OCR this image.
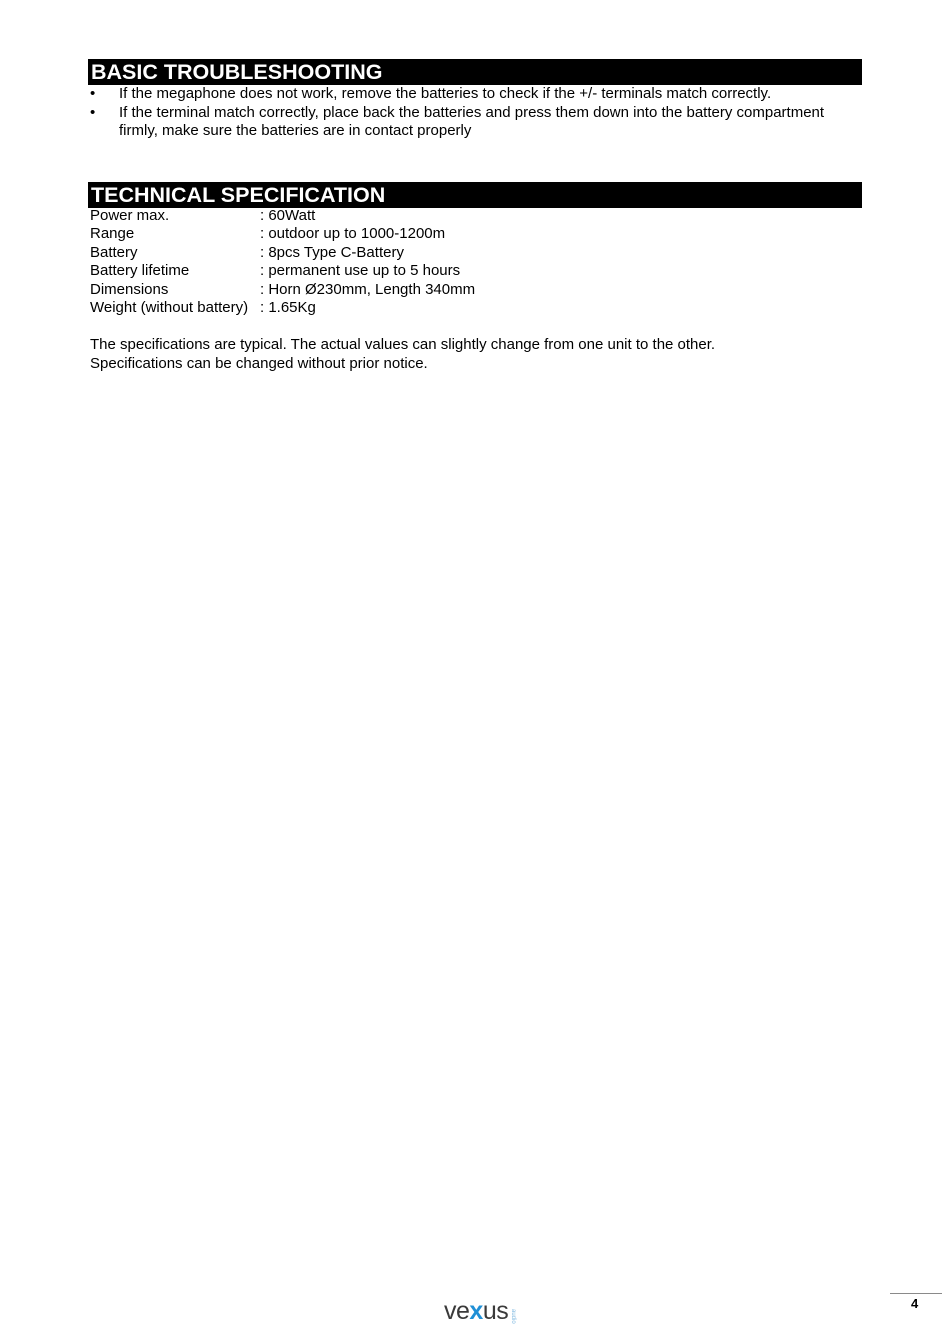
BASIC TROUBLESHOOTING
• If the megaphone does not work, remove the batteries to check if the +/- terminals match correctly.
• If the terminal match correctly, place back the batteries and press them down into the battery compartment firmly, make sure the batteries are in contact properly
TECHNICAL SPECIFICATION
Power max.	: 60Watt
Range	: outdoor up to 1000-1200m
Battery	: 8pcs Type C-Battery
Battery lifetime	: permanent use up to 5 hours
Dimensions	: Horn Ø230mm, Length 340mm
Weight (without battery)	: 1.65Kg
The specifications are typical. The actual values can slightly change from one unit to the other.
Specifications can be changed without prior notice.
ve x us audio
4
